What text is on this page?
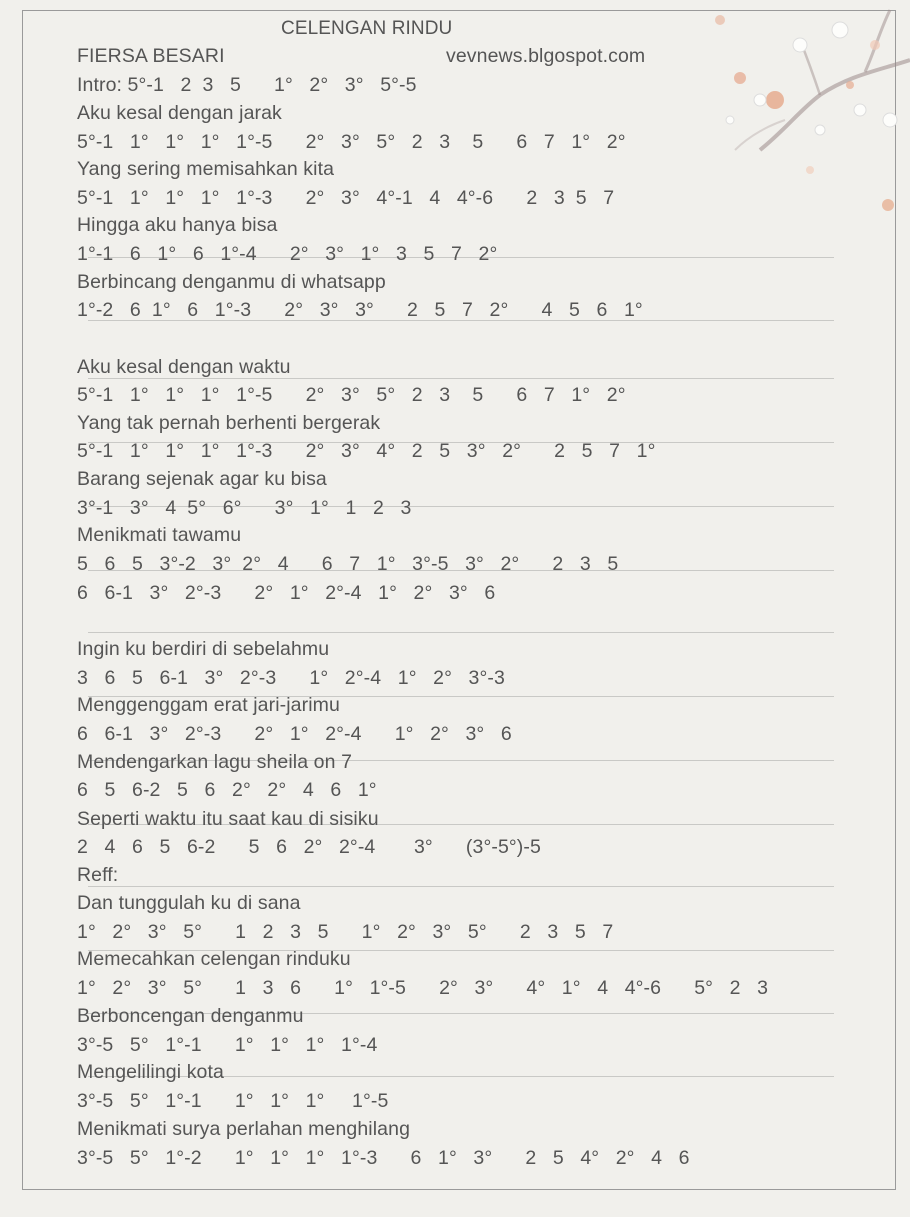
CELENGAN RINDU
FIERSA BESARI	vevnews.blgospot.com
Intro: 5°-1   2  3   5      1°   2°   3°   5°-5
Aku kesal dengan jarak
5°-1   1°   1°   1°   1°-5      2°   3°   5°   2   3    5      6   7   1°   2°
Yang sering memisahkan kita
5°-1   1°   1°   1°   1°-3      2°   3°   4°-1   4   4°-6      2   3  5   7
Hingga aku hanya bisa
1°-1   6   1°   6   1°-4      2°   3°   1°   3   5   7   2°
Berbincang denganmu di whatsapp
1°-2   6  1°   6   1°-3      2°   3°   3°      2   5   7   2°      4   5   6   1°
Aku kesal dengan waktu
5°-1   1°   1°   1°   1°-5      2°   3°   5°   2   3    5      6   7   1°   2°
Yang tak pernah berhenti bergerak
5°-1   1°   1°   1°   1°-3      2°   3°   4°   2   5   3°   2°      2   5   7   1°
Barang sejenak agar ku bisa
3°-1   3°   4  5°   6°      3°   1°   1   2   3
Menikmati tawamu
5   6   5   3°-2   3°  2°   4      6   7   1°   3°-5   3°   2°      2   3   5
6   6-1   3°   2°-3      2°   1°   2°-4   1°   2°   3°   6
Ingin ku berdiri di sebelahmu
3   6   5   6-1   3°   2°-3      1°   2°-4   1°   2°   3°-3
Menggenggam erat jari-jarimu
6   6-1   3°   2°-3      2°   1°   2°-4      1°   2°   3°   6
Mendengarkan lagu sheila on 7
6   5   6-2   5   6   2°   2°   4   6   1°
Seperti waktu itu saat kau di sisiku
2   4   6   5   6-2      5   6   2°   2°-4       3°      (3°-5°)-5
Reff:
Dan tunggulah ku di sana
1°   2°   3°   5°      1   2   3   5      1°   2°   3°   5°      2   3   5   7
Memecahkan celengan rinduku
1°   2°   3°   5°      1   3   6      1°   1°-5      2°   3°      4°   1°   4   4°-6      5°   2   3
Berboncengan denganmu
3°-5   5°   1°-1      1°   1°   1°   1°-4
Mengelilingi kota
3°-5   5°   1°-1      1°   1°   1°     1°-5
Menikmati surya perlahan menghilang
3°-5   5°   1°-2      1°   1°   1°   1°-3      6   1°   3°      2   5   4°   2°   4   6
